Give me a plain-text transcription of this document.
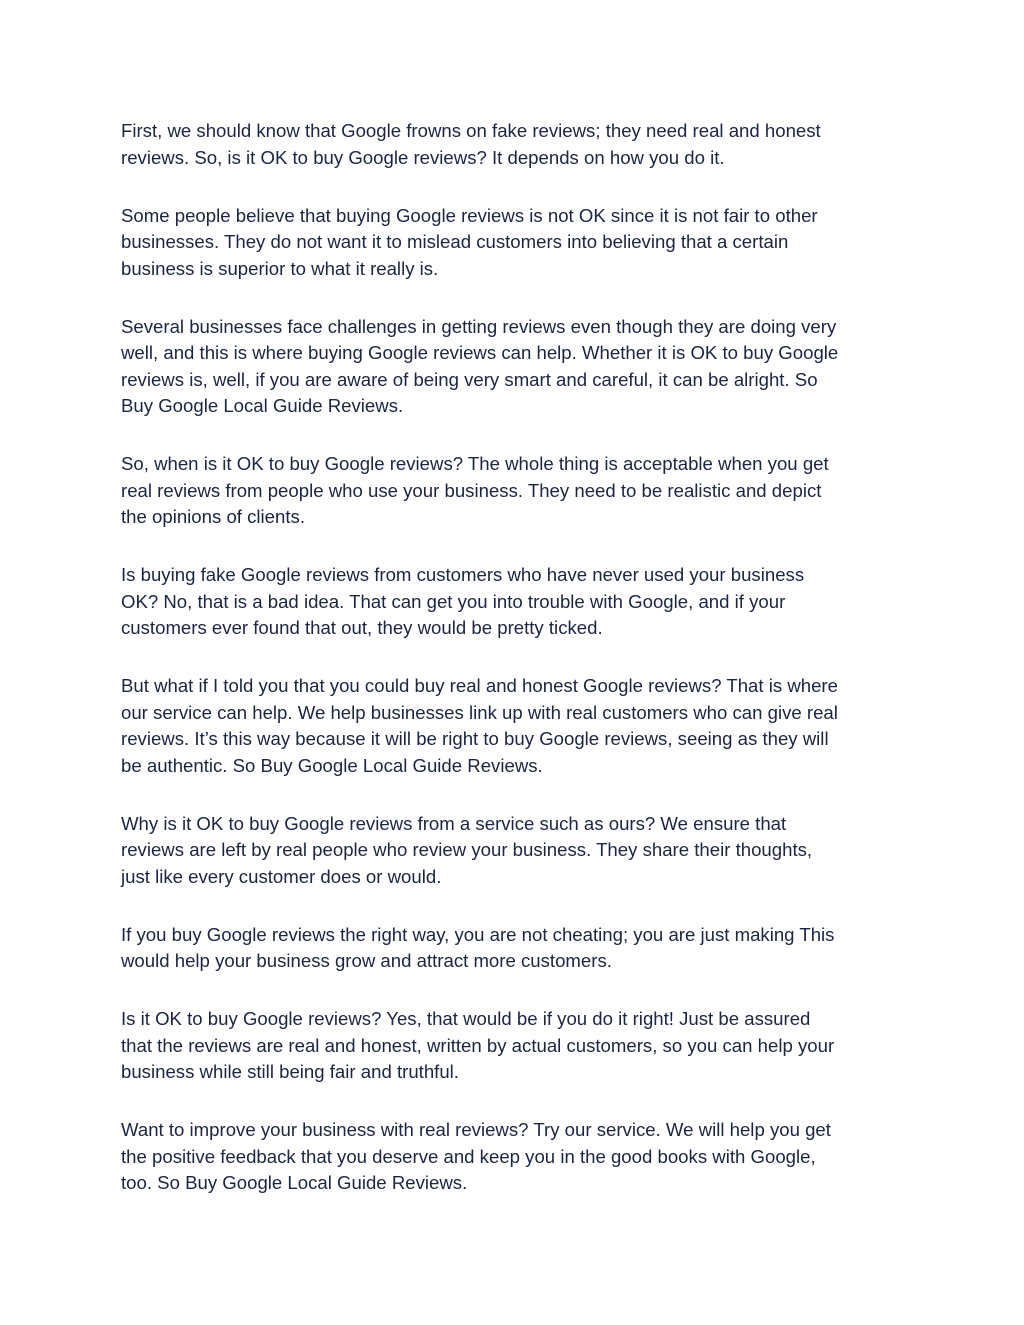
First, we should know that Google frowns on fake reviews; they need real and honest
reviews. So, is it OK to buy Google reviews? It depends on how you do it.

Some people believe that buying Google reviews is not OK since it is not fair to other
businesses. They do not want it to mislead customers into believing that a certain
business is superior to what it really is.

Several businesses face challenges in getting reviews even though they are doing very
well, and this is where buying Google reviews can help. Whether it is OK to buy Google
reviews is, well, if you are aware of being very smart and careful, it can be alright. So
Buy Google Local Guide Reviews.

So, when is it OK to buy Google reviews? The whole thing is acceptable when you get
real reviews from people who use your business. They need to be realistic and depict
the opinions of clients.

Is buying fake Google reviews from customers who have never used your business
OK? No, that is a bad idea. That can get you into trouble with Google, and if your
customers ever found that out, they would be pretty ticked.

But what if I told you that you could buy real and honest Google reviews? That is where
our service can help. We help businesses link up with real customers who can give real
reviews. It’s this way because it will be right to buy Google reviews, seeing as they will
be authentic. So Buy Google Local Guide Reviews.

Why is it OK to buy Google reviews from a service such as ours? We ensure that
reviews are left by real people who review your business. They share their thoughts,
just like every customer does or would.

If you buy Google reviews the right way, you are not cheating; you are just making This
would help your business grow and attract more customers.

Is it OK to buy Google reviews? Yes, that would be if you do it right! Just be assured
that the reviews are real and honest, written by actual customers, so you can help your
business while still being fair and truthful.

Want to improve your business with real reviews? Try our service. We will help you get
the positive feedback that you deserve and keep you in the good books with Google,
too. So Buy Google Local Guide Reviews.
